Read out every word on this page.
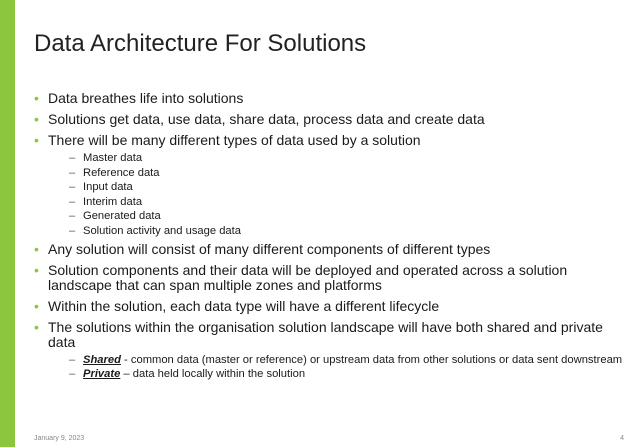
Data Architecture For Solutions
• Data breathes life into solutions
• Solutions get data, use data, share data, process data and create data
• There will be many different types of data used by a solution
– Master data
– Reference data
– Input data
– Interim data
– Generated data
– Solution activity and usage data
• Any solution will consist of many different components of different types
• Solution components and their data will be deployed and operated across a solution landscape that can span multiple zones and platforms
• Within the solution, each data type will have a different lifecycle
• The solutions within the organisation solution landscape will have both shared and private data
– Shared - common data (master or reference) or upstream data from other solutions or data sent downstream
– Private – data held locally within the solution
January 9, 2023	4
